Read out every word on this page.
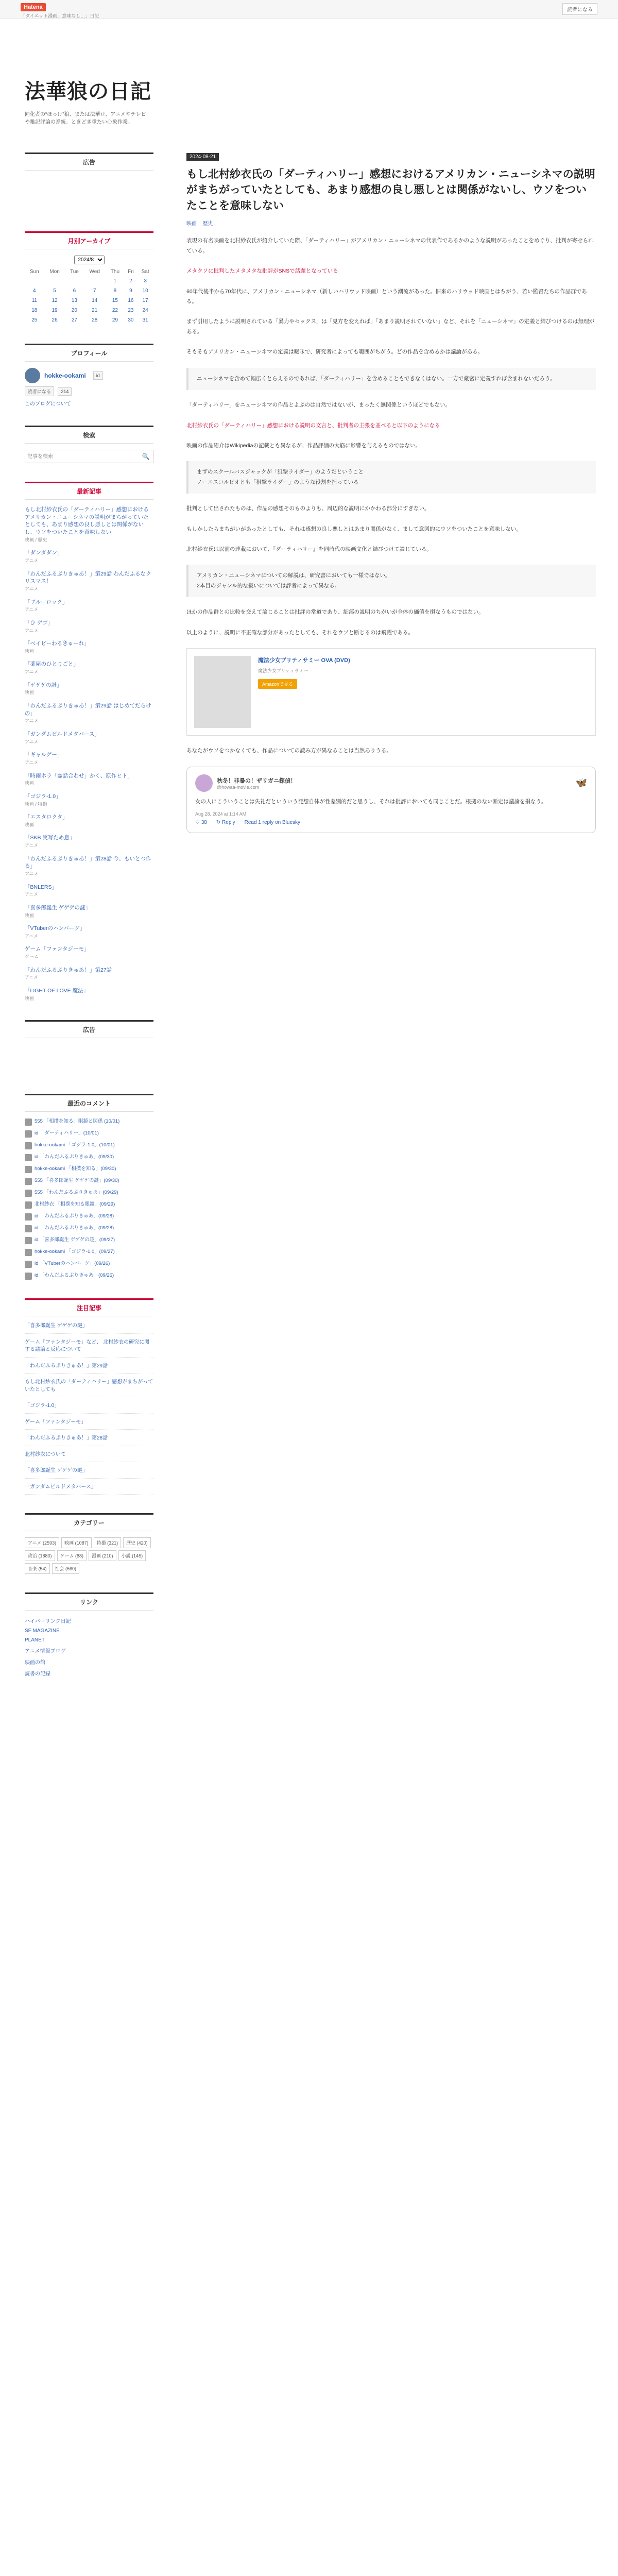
Hatena
「ダイエット漫画」意味なし…」日記
読者になる
法華狼の日記
同化者の“ほっけ”狼、または法華ロ、アニメやテレビや雑記評論の系統。ときどき重たい心象作業。
広告
月別アーカイブ
2024/8
Sun	Mon	Tue	Wed	Thu	Fri	Sat
				1	2	3
4	5	6	7	8	9	10
11	12	13	14	15	16	17
18	19	20	21	22	23	24
25	26	27	28	29	30	31
プロフィール
hokke-ookami	id
読者になる 214
このブログについて
検索
記事を検索
🔍
最新記事
もし北村紗衣氏の「ダーティハリー」感想におけるアメリカン・ニューシネマの説明がまちがっていたとしても、あまり感想の良し悪しとは関係がないし、ウソをついたことを意味しない
映画 / 歴史
「ダンダダン」
アニメ
「わんだふるぷりきゅあ！」第29話 わんだふるなクリスマス！
アニメ
「ブルーロック」
アニメ
「ひ ゲゴ」
アニメ
「ベイビーわるきゅーれ」
映画
「薬屋のひとりごと」
アニメ
「ゲゲゲの謎」
映画
「わんだふるぷりきゅあ！」第29話 はじめてだらけの」
アニメ
「ガンダムビルドメタバース」
アニメ
「ギャルゲー」
アニメ
「時雨ホラ「霊話合わせ」かく、原作ヒト」
映画
「ゴジラ-1.0」
映画 / 特撮
「エスタロクタ」
映画
「SKB 実写ため息」
アニメ
「わんだふるぷりきゅあ！」第28話 今、もいとつ作る」
アニメ
「BNLERS」
アニメ
「喜多郎誕生 ゲゲゲの謎」
映画
「VTuberのハンバーグ」
アニメ
ゲーム「ファンタジーモ」
ゲーム
「わんだふるぷりきゅあ！」第27話
アニメ
「LIGHT OF LOVE 魔法」
映画
広告
最近のコメント
555 「相撲を知る」眼鏡と関係 (10/01)
id 「ダーティハリー」(10/01)
hokke-ookami 「ゴジラ-1.0」(10/01)
id 「わんだふるぷりきゅあ」(09/30)
hokke-ookami 「相撲を知る」(09/30)
555 「喜多郎誕生 ゲゲゲの謎」(09/30)
555 「わんだふるぷりきゅあ」(09/29)
北村紗衣 「相撲を知る眼鏡」(09/29)
id 「わんだふるぷりきゅあ」(09/28)
id 「わんだふるぷりきゅあ」(09/28)
id 「喜多郎誕生 ゲゲゲの謎」(09/27)
hokke-ookami 「ゴジラ-1.0」(09/27)
id 「VTuberのハンバーグ」(09/26)
id 「わんだふるぷりきゅあ」(09/26)
注目記事
「喜多郎誕生 ゲゲゲの謎」
ゲーム「ファンタジーモ」など、 北村紗衣の研究に関する議論と反応について
「わんだふるぷりきゅあ！」第29話
もし北村紗衣氏の「ダーティハリー」感想がまちがっていたとしても
「ゴジラ-1.0」
ゲーム「ファンタジーモ」
「わんだふるぷりきゅあ！」第28話
北村紗衣について
「喜多郎誕生 ゲゲゲの謎」
「ガンダムビルドメタバース」
カテゴリー
アニメ (2593)	映画 (1087)	特撮 (321)	歴史 (420)
政治 (1880)	ゲーム (88)	漫画 (210)	小説 (145)
音楽 (54)	社会 (560)
リンク
ハイパーリンク日記
SF MAGAZINE
PLANET
アニメ情報ブログ
映画の館
読書の記録
2024-08-21
もし北村紗衣氏の「ダーティハリー」感想におけるアメリカン・ニューシネマの説明がまちがっていたとしても、あまり感想の良し悪しとは関係がないし、ウソをついたことを意味しない
映画 歴史
表現の有名映画を北村紗衣氏が紹介していた際、「ダーティハリー」がアメリカン・ニューシネマの代表作であるかのような説明があったことをめぐり、批判が寄せられている。
メタクソに批判したメタメタな批評がSNSで話題となっている
60年代後半から70年代に、アメリカン・ニューシネマ（新しいハリウッド映画）という潮流があった。旧来のハリウッド映画とはちがう、若い監督たちの作品群である。
まず引用したように説明されている「暴力やセックス」は「見方を変えれば」「あまり説明されていない」など、それを「ニューシネマ」の定義と結びつけるのは無理がある。
そもそもアメリカン・ニューシネマの定義は曖昧で、研究者によっても範囲がちがう。どの作品を含めるかは議論がある。
ニューシネマを含めて幅広くとらえるのであれば、「ダーティハリー」を含めることもできなくはない。一方で厳密に定義すれば含まれないだろう。
「ダーティハリー」をニューシネマの作品とよぶのは自然ではないが、まったく無関係というほどでもない。
北村紗衣氏の「ダーティハリー」感想における説明の文言と、批判者の主張を並べると以下のようになる
映画の作品紹介はWikipediaの記載とも異なるが、作品評価の大筋に影響を与えるものではない。
まずのスクールバスジャックが「狙撃ライダー」のようだということ
ノーエスコルピオとも「狙撃ライダー」のような役割を担っている
批判として出されたものは、作品の感想そのものよりも、周辺的な説明にかかわる部分にすぎない。
もしかしたらまちがいがあったとしても、それは感想の良し悪しとはあまり関係がなく、まして意図的にウソをついたことを意味しない。
北村紗衣氏は以前の連載において、『ダーティハリー』を同時代の映画文化と結びつけて論じている。
アメリカン・ニューシネマについての解説は、研究書においても一様ではない。
2本目のジャンル的な扱いについては評者によって異なる。
ほかの作品群との比較を交えて論じることは批評の常道であり、細部の説明のちがいが全体の価値を損なうものではない。
以上のように、説明に不正確な部分があったとしても、それをウソと断じるのは飛躍である。
魔法少女プリティサミー OVA (DVD)
魔法少女プリティサミー
Amazonで見る
あなたがウソをつかなくても、作品についての読み方が異なることは当然ありうる。
秋冬！非暴の！ザリガニ探偵！
@howaa-movie.com	🦋
女の人にこういうことは失礼だといういう発想自体が性差別的だと思うし、それは批評においても同じことだ。根拠のない断定は議論を損なう。
Aug 28, 2024 at 1:14 AM
♡ 38 ↻ Reply Read 1 reply on Bluesky
